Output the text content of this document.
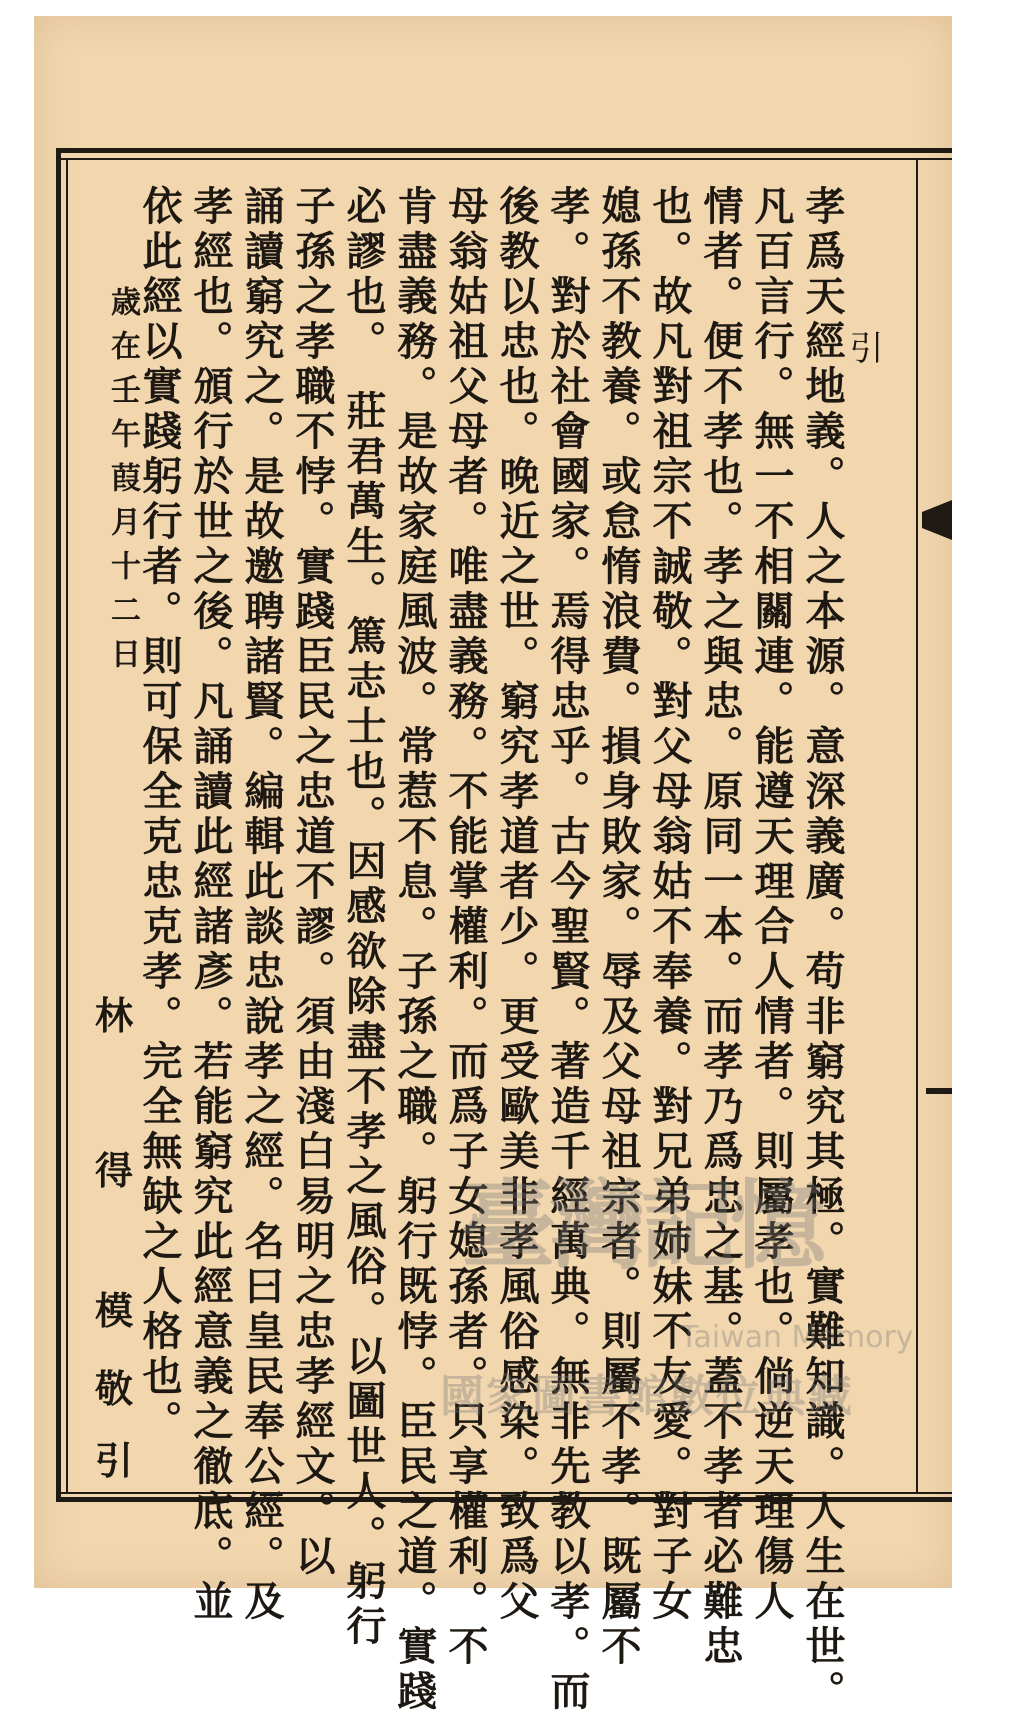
引
孝爲天經地義。人之本源。意深義廣。苟非窮究其極。實難知識。人生在世。
凡百言行。無一不相關連。能遵天理合人情者。則屬孝也。倘逆天理傷人
情者。便不孝也。孝之與忠。原同一本。而孝乃爲忠之基。蓋不孝者必難忠
也。故凡對祖宗不誠敬。對父母翁姑不奉養。對兄弟姉妹不友愛。對子女
媳孫不教養。或怠惰浪費。損身敗家。辱及父母祖宗者。則屬不孝。既屬不
孝。對於社會國家。焉得忠乎。古今聖賢。著造千經萬典。無非先教以孝。而
後教以忠也。晚近之世。窮究孝道者少。更受歐美非孝風俗感染。致爲父
母翁姑祖父母者。唯盡義務。不能掌權利。而爲子女媳孫者。只享權利。不
肯盡義務。是故家庭風波。常惹不息。子孫之職。躬行既悖。臣民之道。實踐
必謬也。　莊君萬生。篤志士也。因感欲除盡不孝之風俗。以圖世人。躬行
子孫之孝職不悖。實踐臣民之忠道不謬。須由淺白易明之忠孝經文。以
誦讀窮究之。是故邀聘諸賢。編輯此談忠說孝之經。名曰皇民奉公經。及
孝經也。頒行於世之後。凡誦讀此經諸彥。若能窮究此經意義之徹底。並
依此經以實踐躬行者。則可保全克忠克孝。完全無缺之人格也。
歳在壬午葭月十二日
林
得
模
敬
引
臺灣記憶
Taiwan Memory
國家圖書館數位典藏
